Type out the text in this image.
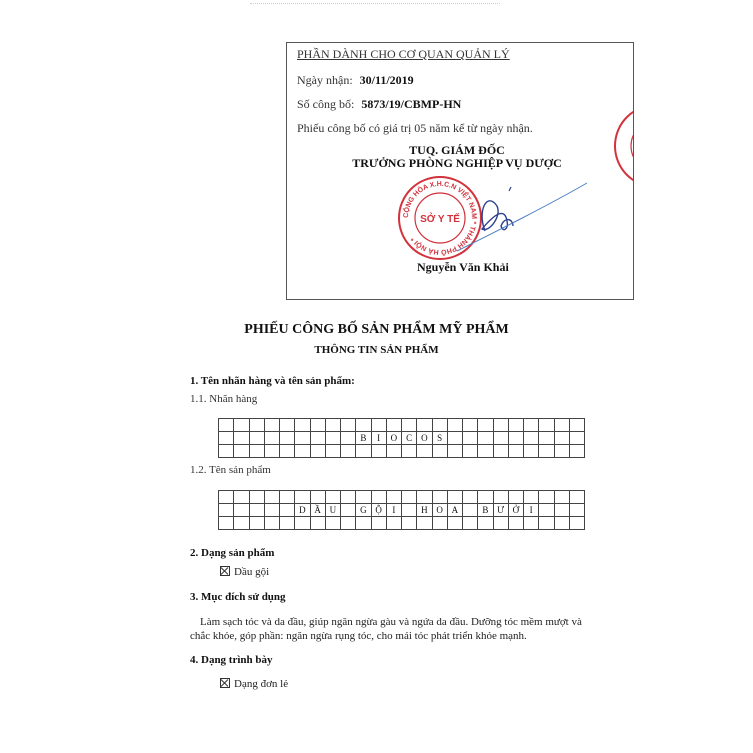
PHẦN DÀNH CHO CƠ QUAN QUẢN LÝ
Ngày nhận: 30/11/2019
Số công bố: 5873/19/CBMP-HN
Phiếu công bố có giá trị 05 năm kể từ ngày nhận.
TUQ. GIÁM ĐỐC
TRƯỞNG PHÒNG NGHIỆP VỤ DƯỢC
CỘNG HÒA X.H.C.N VIỆT NAM * THÀNH PHỐ HÀ NỘI *
SỞ Y TẾ
Nguyễn Văn Khải
PHIẾU CÔNG BỐ SẢN PHẨM MỸ PHẨM
THÔNG TIN SẢN PHẨM
1. Tên nhãn hàng và tên sản phẩm:
1.1. Nhãn hàng

									B	I	O	C	O	S									

1.2. Tên sản phẩm

					D	Ầ	U		G	Ộ	I		H	O	A		B	Ư	Ở	I			

2. Dạng sản phẩm
Dầu gội
3. Mục đích sử dụng
Làm sạch tóc và da đầu, giúp ngăn ngừa gàu và ngứa da đầu. Dưỡng tóc mềm mượt và chắc khỏe, góp phần: ngăn ngừa rụng tóc, cho mái tóc phát triển khỏe mạnh.
4. Dạng trình bày
Dạng đơn lẻ
